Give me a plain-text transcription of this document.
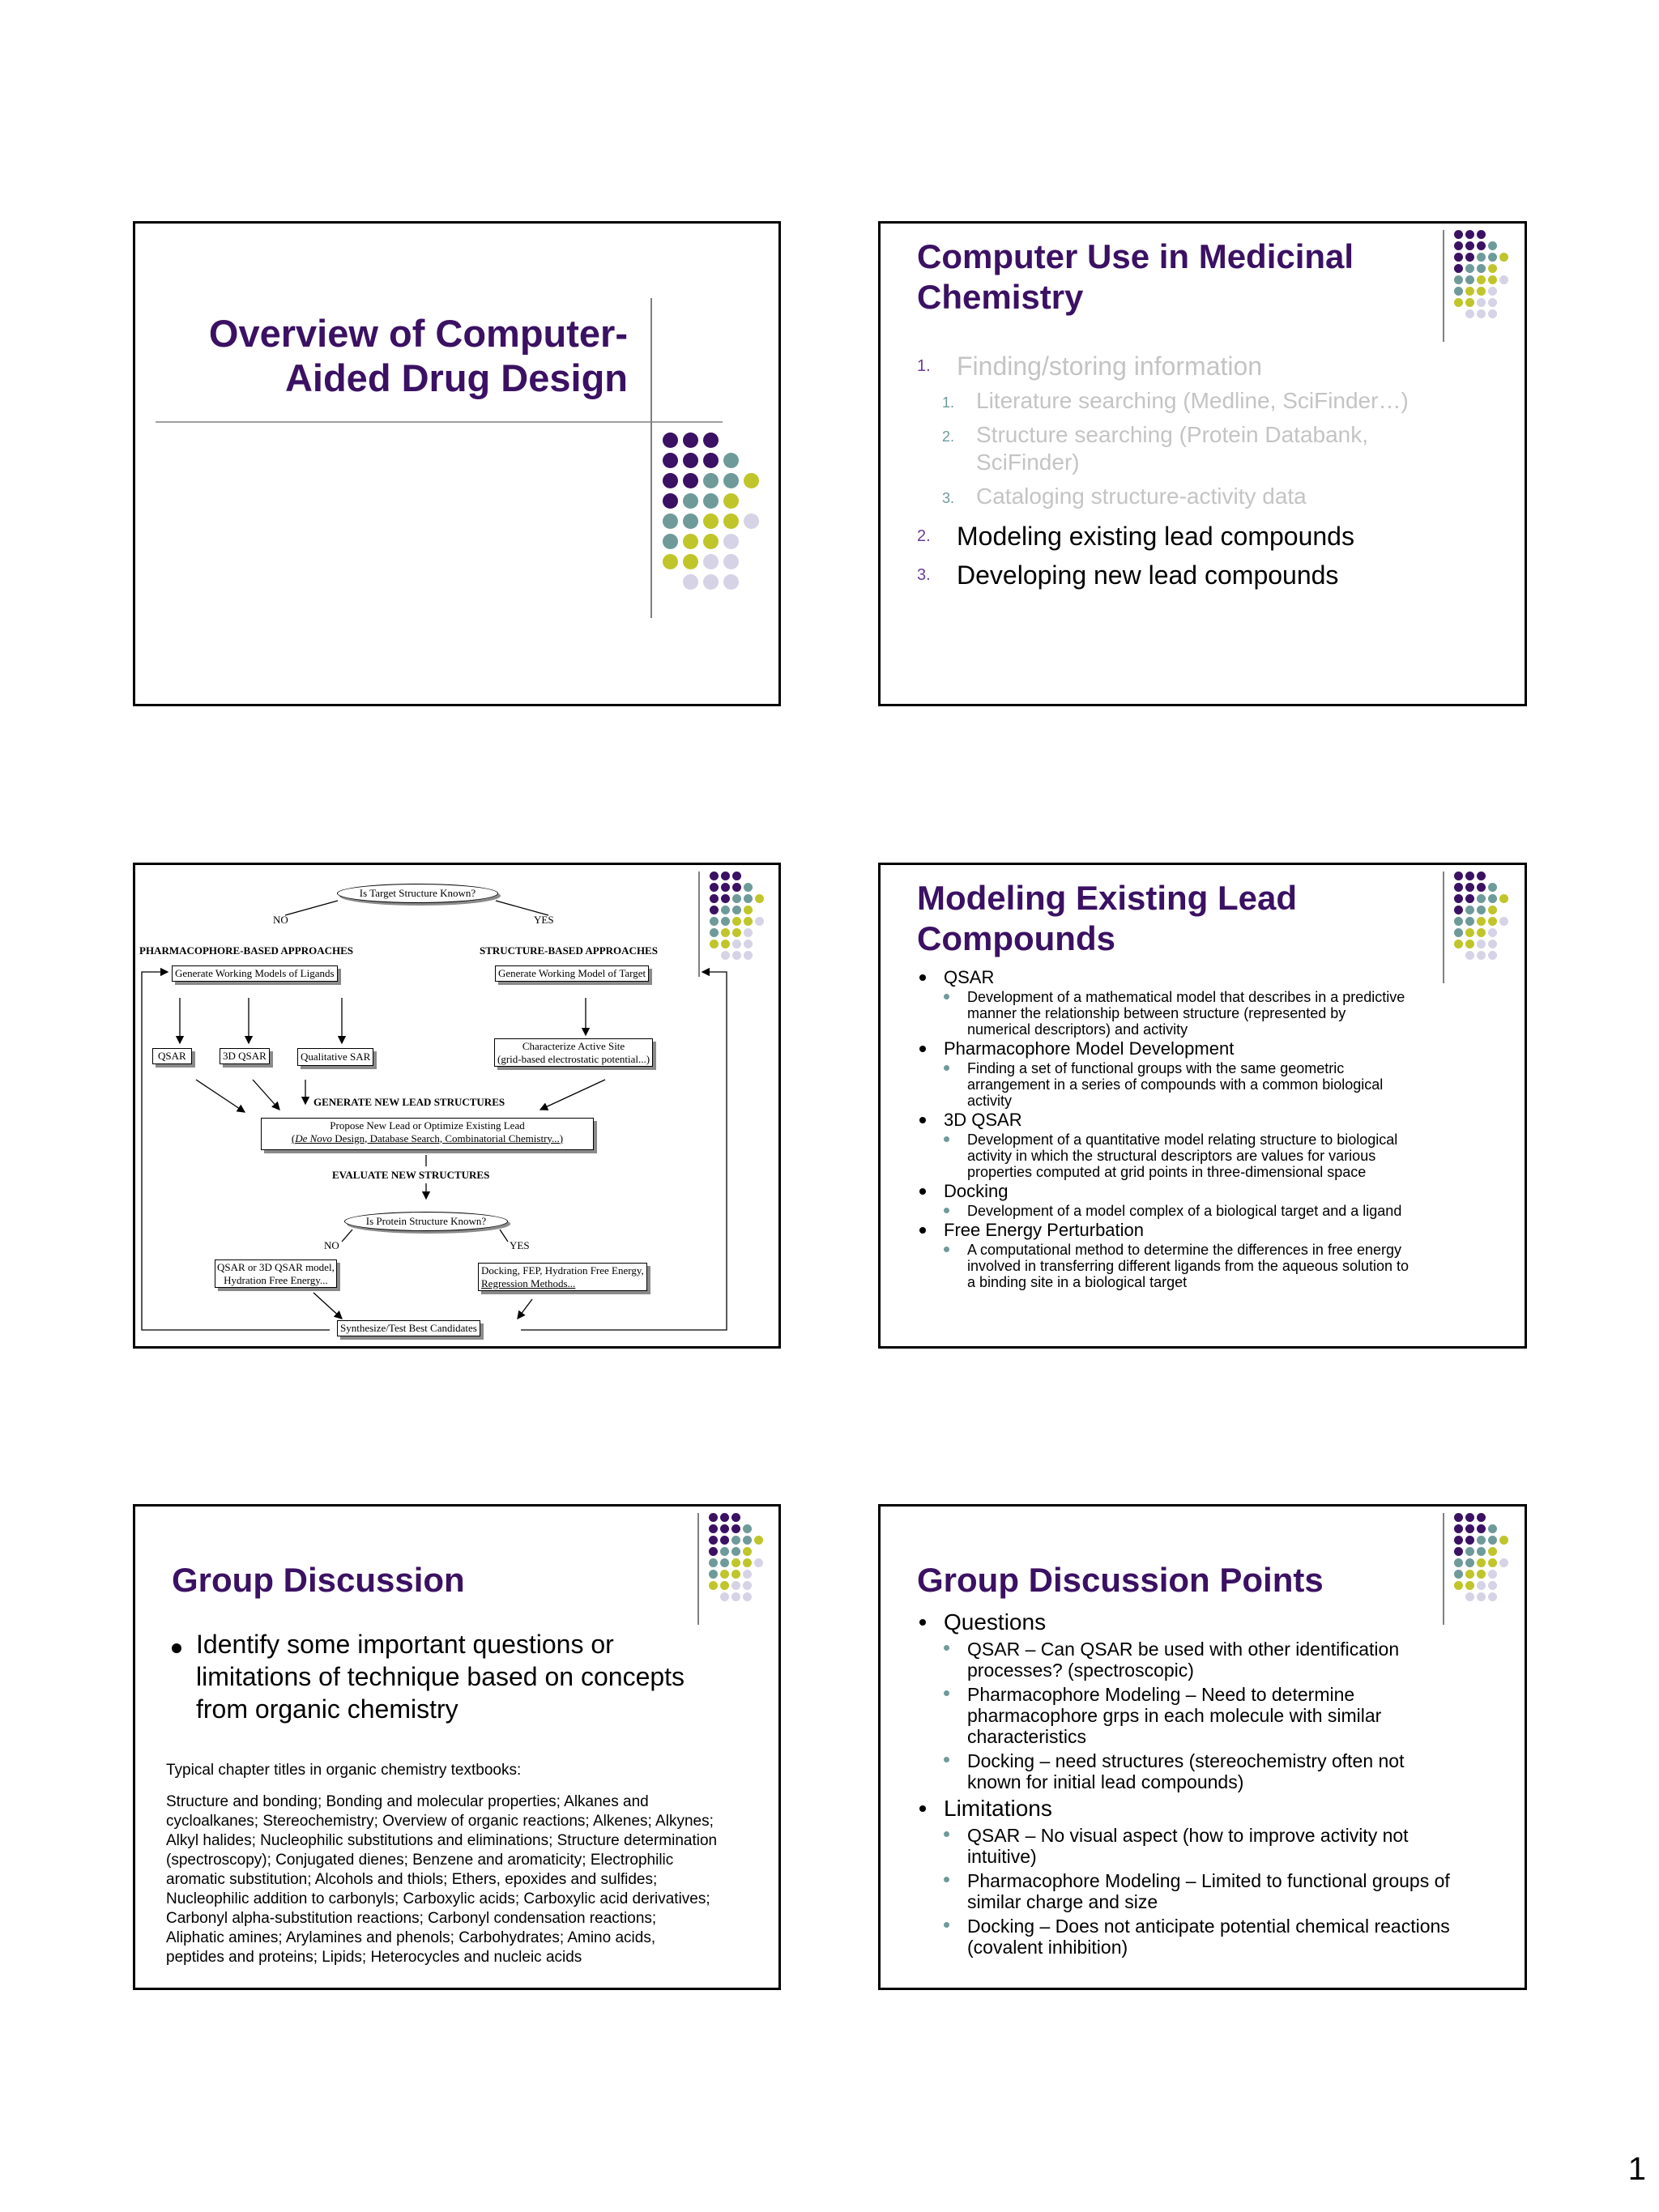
Overview of Computer-
Aided Drug Design
Computer Use in Medicinal
Chemistry
1. Finding/storing information
1. Literature searching (Medline, SciFinder…)
2. Structure searching (Protein Databank,
SciFinder)
3. Cataloging structure-activity data
2. Modeling existing lead compounds
3. Developing new lead compounds
Is Target Structure Known?
NO	YES
PHARMACOPHORE-BASED APPROACHES	STRUCTURE-BASED APPROACHES
Generate Working Models of Ligands	Generate Working Model of Target
QSAR	3D QSAR	Qualitative SAR
Characterize Active Site
(grid-based electrostatic potential...)
GENERATE NEW LEAD STRUCTURES
Propose New Lead or Optimize Existing Lead
(De Novo Design, Database Search, Combinatorial Chemistry...)
EVALUATE NEW STRUCTURES
Is Protein Structure Known?
NO	YES
QSAR or 3D QSAR model,
Hydration Free Energy...
Docking, FEP, Hydration Free Energy,
Regression Methods...
Synthesize/Test Best Candidates
Modeling Existing Lead
Compounds
QSAR
Development of a mathematical model that describes in a predictive
manner the relationship between structure (represented by
numerical descriptors) and activity
Pharmacophore Model Development
Finding a set of functional groups with the same geometric
arrangement in a series of compounds with a common biological
activity
3D QSAR
Development of a quantitative model relating structure to biological
activity in which the structural descriptors are values for various
properties computed at grid points in three-dimensional space
Docking
Development of a model complex of a biological target and a ligand
Free Energy Perturbation
A computational method to determine the differences in free energy
involved in transferring different ligands from the aqueous solution to
a binding site in a biological target
Group Discussion
Identify some important questions or
limitations of technique based on concepts
from organic chemistry
Typical chapter titles in organic chemistry textbooks:
Structure and bonding; Bonding and molecular properties; Alkanes and
cycloalkanes; Stereochemistry; Overview of organic reactions; Alkenes; Alkynes;
Alkyl halides; Nucleophilic substitutions and eliminations; Structure determination
(spectroscopy); Conjugated dienes; Benzene and aromaticity; Electrophilic
aromatic substitution; Alcohols and thiols; Ethers, epoxides and sulfides;
Nucleophilic addition to carbonyls; Carboxylic acids; Carboxylic acid derivatives;
Carbonyl alpha-substitution reactions; Carbonyl condensation reactions;
Aliphatic amines; Arylamines and phenols; Carbohydrates; Amino acids,
peptides and proteins; Lipids; Heterocycles and nucleic acids
Group Discussion Points
Questions
QSAR – Can QSAR be used with other identification
processes? (spectroscopic)
Pharmacophore Modeling – Need to determine
pharmacophore grps in each molecule with similar
characteristics
Docking – need structures (stereochemistry often not
known for initial lead compounds)
Limitations
QSAR – No visual aspect (how to improve activity not
intuitive)
Pharmacophore Modeling – Limited to functional groups of
similar charge and size
Docking – Does not anticipate potential chemical reactions
(covalent inhibition)
1
